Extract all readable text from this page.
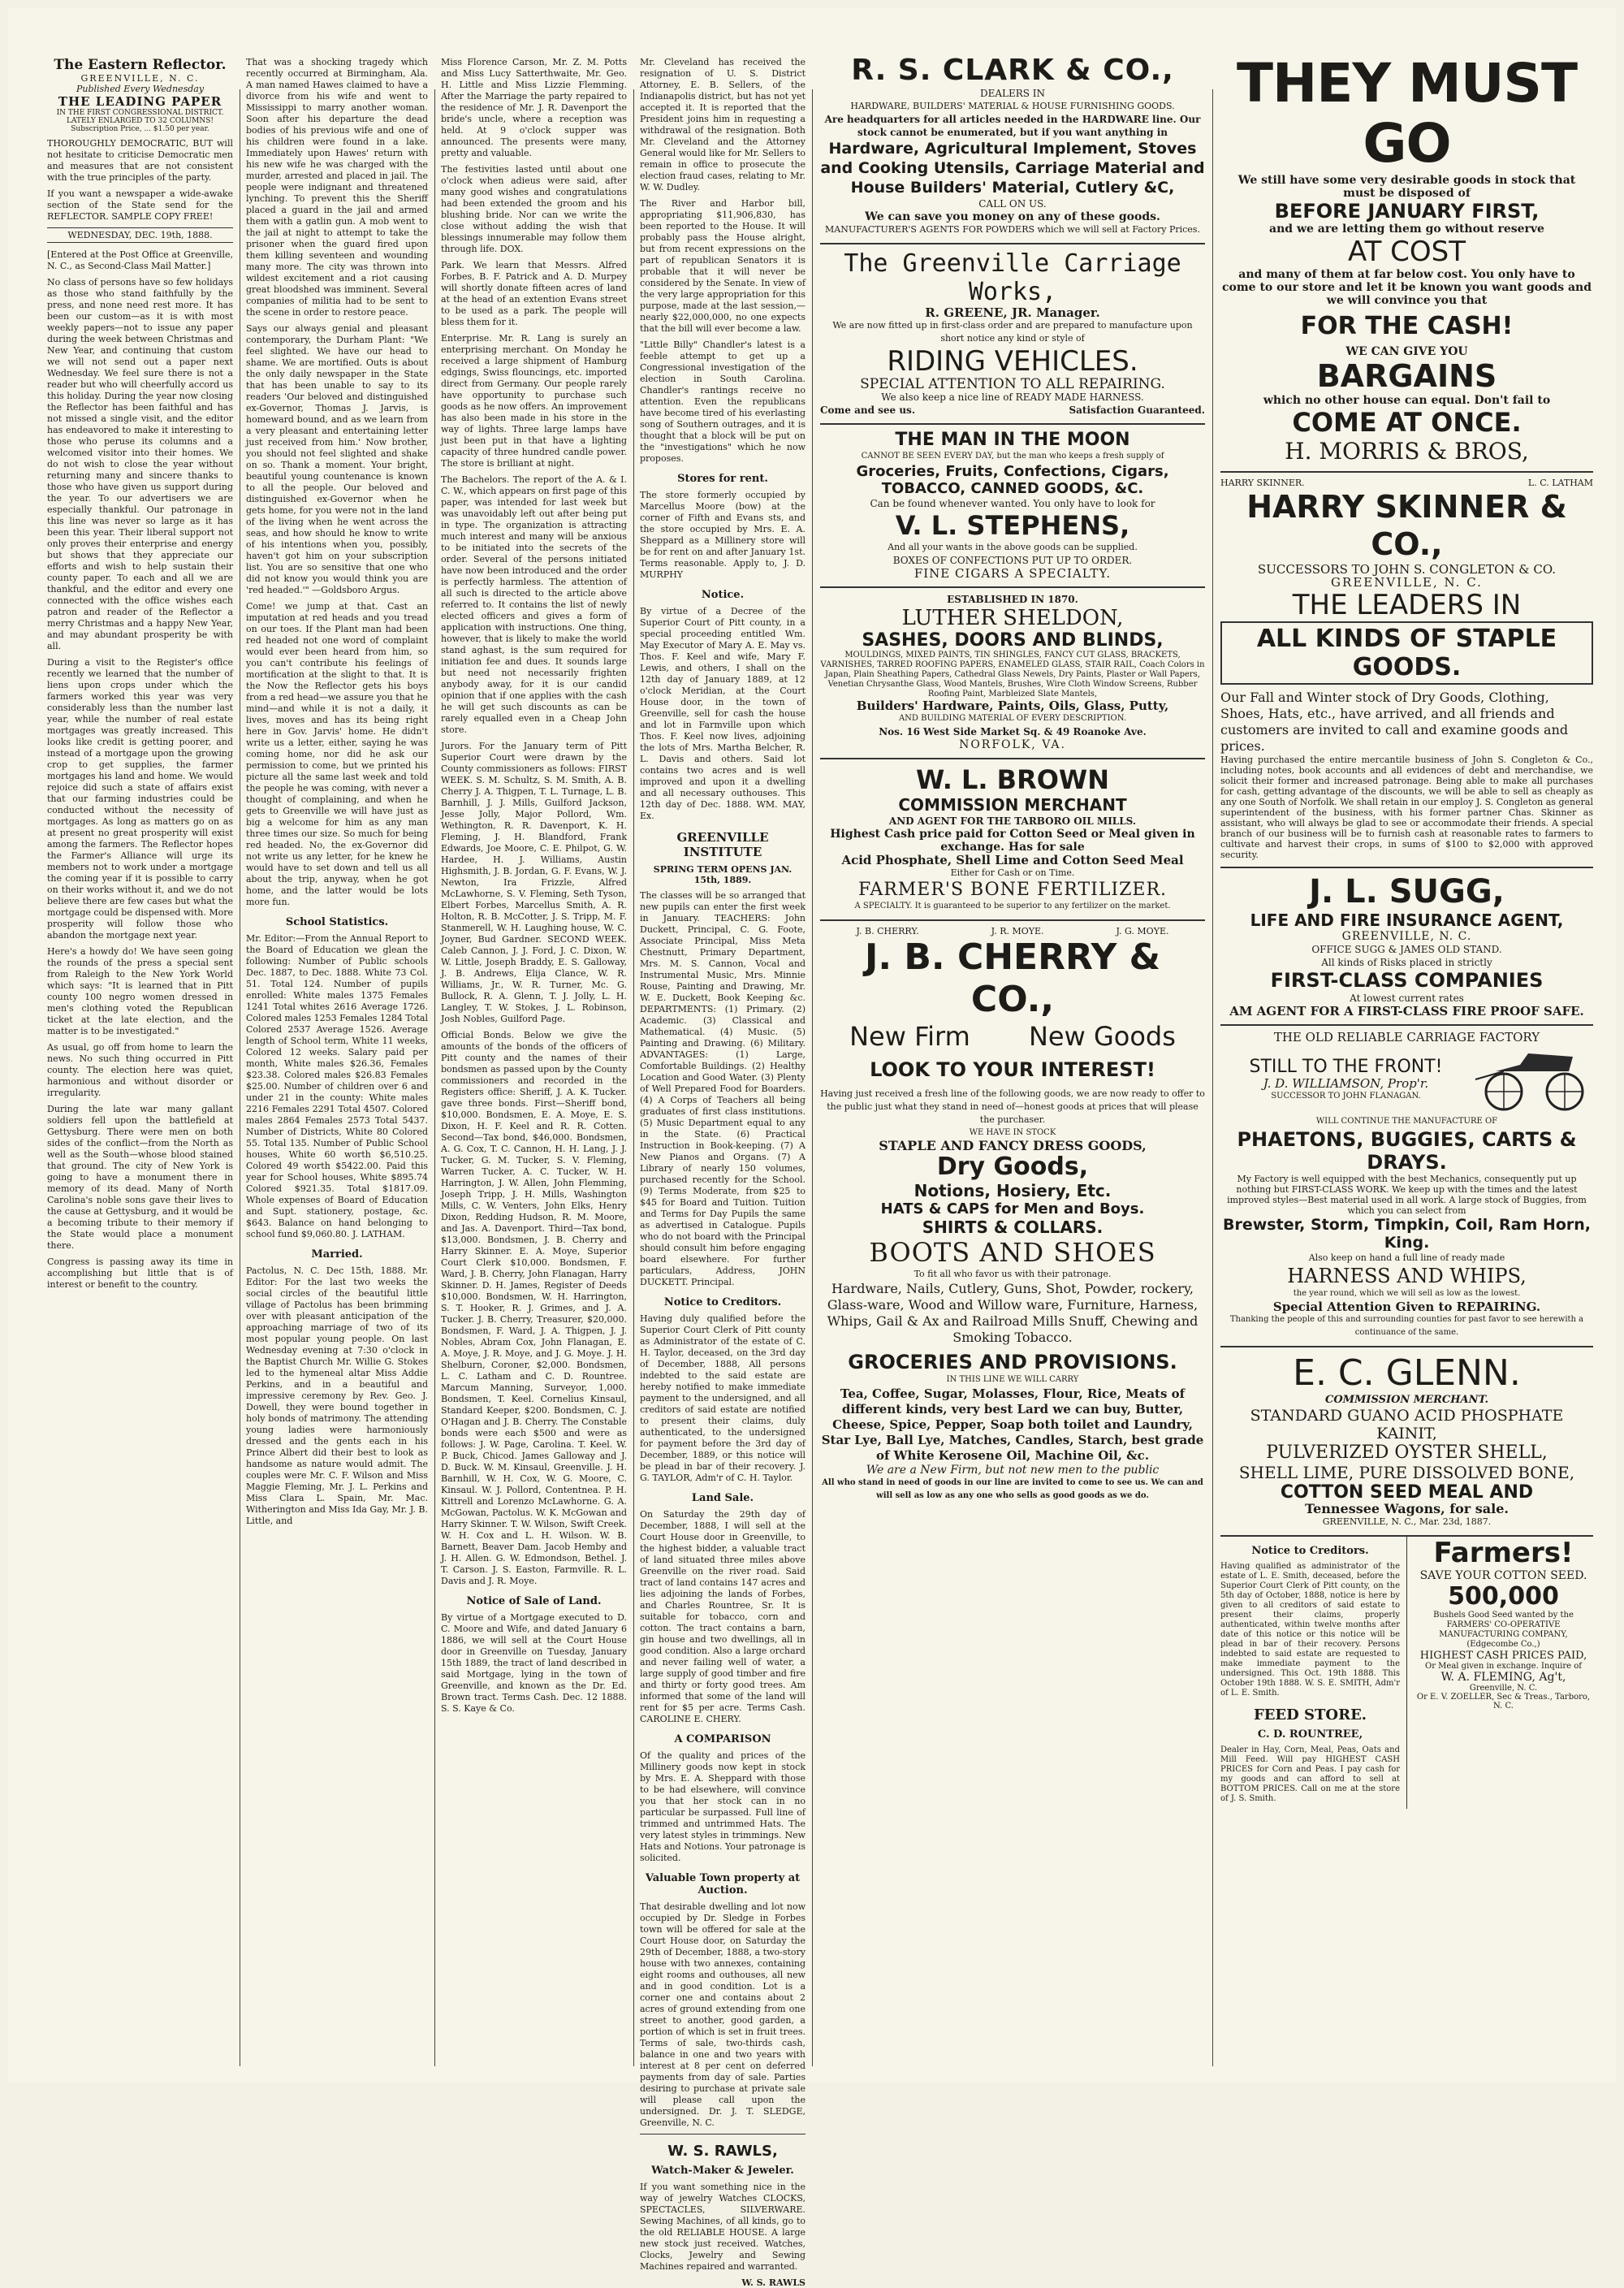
The Eastern Reflector.
GREENVILLE, N. C.
Published Every Wednesday
THE LEADING PAPER
IN THE FIRST CONGRESSIONAL DISTRICT.
LATELY ENLARGED TO 32 COLUMNS!
Subscription Price, ... $1.50 per year.

THOROUGHLY DEMOCRATIC, BUT will not hesitate to criticise Democratic men and measures that are not consistent with the true principles of the party.

If you want a newspaper a wide-awake section of the State send for the REFLECTOR. SAMPLE COPY FREE!

WEDNESDAY, DEC. 19th, 1888.

[Entered at the Post Office at Greenville, N. C., as Second-Class Mail Matter.]

No class of persons have so few holidays as those who stand faithfully by the press, and none need rest more. It has been our custom—as it is with most weekly papers—not to issue any paper during the week between Christmas and New Year, and continuing that custom we will not send out a paper next Wednesday. We feel sure there is not a reader but who will cheerfully accord us this holiday. During the year now closing the Reflector has been faithful and has not missed a single visit, and the editor has endeavored to make it interesting to those who peruse its columns and a welcomed visitor into their homes. We do not wish to close the year without returning many and sincere thanks to those who have given us support during the year. To our advertisers we are especially thankful. Our patronage in this line was never so large as it has been this year. Their liberal support not only proves their enterprise and energy but shows that they appreciate our efforts and wish to help sustain their county paper. To each and all we are thankful, and the editor and every one connected with the office wishes each patron and reader of the Reflector a merry Christmas and a happy New Year, and may abundant prosperity be with all.

During a visit to the Register's office recently we learned that the number of liens upon crops under which the farmers worked this year was very considerably less than the number last year, while the number of real estate mortgages was greatly increased. This looks like credit is getting poorer, and instead of a mortgage upon the growing crop to get supplies, the farmer mortgages his land and home. We would rejoice did such a state of affairs exist that our farming industries could be conducted without the necessity of mortgages. As long as matters go on as at present no great prosperity will exist among the farmers. The Reflector hopes the Farmer's Alliance will urge its members not to work under a mortgage the coming year if it is possible to carry on their works without it, and we do not believe there are few cases but what the mortgage could be dispensed with. More prosperity will follow those who abandon the mortgage next year.

Here's a howdy do! We have seen going the rounds of the press a special sent from Raleigh to the New York World which says: "It is learned that in Pitt county 100 negro women dressed in men's clothing voted the Republican ticket at the late election, and the matter is to be investigated."

As usual, go off from home to learn the news. No such thing occurred in Pitt county. The election here was quiet, harmonious and without disorder or irregularity.

During the late war many gallant soldiers fell upon the battlefield at Gettysburg. There were men on both sides of the conflict—from the North as well as the South—whose blood stained that ground. The city of New York is going to have a monument there in memory of its dead. Many of North Carolina's noble sons gave their lives to the cause at Gettysburg, and it would be a becoming tribute to their memory if the State would place a monument there.

Congress is passing away its time in accomplishing but little that is of interest or benefit to the country.

That was a shocking tragedy which recently occurred at Birmingham, Ala. A man named Hawes claimed to have a divorce from his wife and went to Mississippi to marry another woman. Soon after his departure the dead bodies of his previous wife and one of his children were found in a lake. Immediately upon Hawes' return with his new wife he was charged with the murder, arrested and placed in jail. The people were indignant and threatened lynching. To prevent this the Sheriff placed a guard in the jail and armed them with a gatlin gun. A mob went to the jail at night to attempt to take the prisoner when the guard fired upon them killing seventeen and wounding many more. The city was thrown into wildest excitement and a riot causing great bloodshed was imminent. Several companies of militia had to be sent to the scene in order to restore peace.

Says our always genial and pleasant contemporary, the Durham Plant: "We feel slighted. We have our head to shame. We are mortified. Outs is about the only daily newspaper in the State that has been unable to say to its readers 'Our beloved and distinguished ex-Governor, Thomas J. Jarvis, is homeward bound, and as we learn from a very pleasant and entertaining letter just received from him.' Now brother, you should not feel slighted and shake on so. Thank a moment. Your bright, beautiful young countenance is known to all the people. Our beloved and distinguished ex-Governor when he gets home, for you were not in the land of the living when he went across the seas, and how should he know to write of his intentions when you, possibly, haven't got him on your subscription list. You are so sensitive that one who did not know you would think you are 'red headed.'" —Goldsboro Argus.

Come! we jump at that. Cast an imputation at red heads and you tread on our toes. If the Plant man had been red headed not one word of complaint would ever been heard from him, so you can't contribute his feelings of mortification at the slight to that. It is the Now the Reflector gets his boys from a red head—we assure you that he mind—and while it is not a daily, it lives, moves and has its being right here in Gov. Jarvis' home. He didn't write us a letter, either, saying he was coming home, nor did he ask our permission to come, but we printed his picture all the same last week and told the people he was coming, with never a thought of complaining, and when he gets to Greenville we will have just as big a welcome for him as any man three times our size. So much for being red headed. No, the ex-Governor did not write us any letter, for he knew he would have to set down and tell us all about the trip, anyway, when he got home, and the latter would be lots more fun.

School Statistics.

Mr. Editor:—From the Annual Report to the Board of Education we glean the following: Number of Public schools Dec. 1887, to Dec. 1888. White 73 Col. 51. Total 124. Number of pupils enrolled: White males 1375 Females 1241 Total whites 2616 Average 1726. Colored males 1253 Females 1284 Total Colored 2537 Average 1526. Average length of School term, White 11 weeks, Colored 12 weeks. Salary paid per month, White males $26.36, Females $23.38. Colored males $26.83 Females $25.00. Number of children over 6 and under 21 in the county: White males 2216 Females 2291 Total 4507. Colored males 2864 Females 2573 Total 5437. Number of Districts, White 80 Colored 55. Total 135. Number of Public School houses, White 60 worth $6,510.25. Colored 49 worth $5422.00. Paid this year for School houses, White $895.74 Colored $921.35. Total $1817.09. Whole expenses of Board of Education and Supt. stationery, postage, &c. $643. Balance on hand belonging to school fund $9,060.80. J. LATHAM.

Married.

Pactolus, N. C. Dec 15th, 1888. Mr. Editor: For the last two weeks the social circles of the beautiful little village of Pactolus has been brimming over with pleasant anticipation of the approaching marriage of two of its most popular young people. On last Wednesday evening at 7:30 o'clock in the Baptist Church Mr. Willie G. Stokes led to the hymeneal altar Miss Addie Perkins, and in a beautiful and impressive ceremony by Rev. Geo. J. Dowell, they were bound together in holy bonds of matrimony. The attending young ladies were harmoniously dressed and the gents each in his Prince Albert did their best to look as handsome as nature would admit. The couples were Mr. C. F. Wilson and Miss Maggie Fleming, Mr. J. L. Perkins and Miss Clara L. Spain, Mr. Mac. Witherington and Miss Ida Gay, Mr. J. B. Little, and

Miss Florence Carson, Mr. Z. M. Potts and Miss Lucy Satterthwaite, Mr. Geo. H. Little and Miss Lizzie Flemming. After the Marriage the party repaired to the residence of Mr. J. R. Davenport the bride's uncle, where a reception was held. At 9 o'clock supper was announced. The presents were many, pretty and valuable.

The festivities lasted until about one o'clock when adieus were said, after many good wishes and congratulations had been extended the groom and his blushing bride. Nor can we write the close without adding the wish that blessings innumerable may follow them through life. DOX.

Park. We learn that Messrs. Alfred Forbes, B. F. Patrick and A. D. Murpey will shortly donate fifteen acres of land at the head of an extention Evans street to be used as a park. The people will bless them for it.

Enterprise. Mr. R. Lang is surely an enterprising merchant. On Monday he received a large shipment of Hamburg edgings, Swiss flouncings, etc. imported direct from Germany. Our people rarely have opportunity to purchase such goods as he now offers. An improvement has also been made in his store in the way of lights. Three large lamps have just been put in that have a lighting capacity of three hundred candle power. The store is brilliant at night.

The Bachelors. The report of the A. & I. C. W., which appears on first page of this paper, was intended for last week but was unavoidably left out after being put in type. The organization is attracting much interest and many will be anxious to be initiated into the secrets of the order. Several of the persons initiated have now been introduced and the order is perfectly harmless. The attention of all such is directed to the article above referred to. It contains the list of newly elected officers and gives a form of application with instructions. One thing, however, that is likely to make the world stand aghast, is the sum required for initiation fee and dues. It sounds large but need not necessarily frighten anybody away, for it is our candid opinion that if one applies with the cash he will get such discounts as can be rarely equalled even in a Cheap John store.

Jurors. For the January term of Pitt Superior Court were drawn by the County commissioners as follows: FIRST WEEK. S. M. Schultz, S. M. Smith, A. B. Cherry J. A. Thigpen, T. L. Turnage, L. B. Barnhill, J. J. Mills, Guilford Jackson, Jesse Jolly, Major Pollord, Wm. Wethington, R. R. Davenport, K. H. Fleming, J. H. Blandford, Frank Edwards, Joe Moore, C. E. Philpot, G. W. Hardee, H. J. Williams, Austin Highsmith, J. B. Jordan, G. F. Evans, W. J. Newton, Ira Frizzle, Alfred McLawhorne, S. V. Fleming, Seth Tyson, Elbert Forbes, Marcellus Smith, A. R. Holton, R. B. McCotter, J. S. Tripp, M. F. Stanmerell, W. H. Laughing house, W. C. Joyner, Bud Gardner. SECOND WEEK. Caleb Cannon, J. J. Ford, J. C. Dixon, W. W. Little, Joseph Braddy, E. S. Galloway, J. B. Andrews, Elija Clance, W. R. Williams, Jr., W. R. Turner, Mc. G. Bullock, R. A. Glenn, T. J. Jolly, L. H. Langley, T. W. Stokes, J. L. Robinson, Josh Nobles, Guilford Page.

Official Bonds. Below we give the amounts of the bonds of the officers of Pitt county and the names of their bondsmen as passed upon by the County commissioners and recorded in the Registers office: Sheriff, J. A. K. Tucker. gave three bonds. First—Sheriff bond, $10,000. Bondsmen, E. A. Moye, E. S. Dixon, H. F. Keel and R. R. Cotten. Second—Tax bond, $46,000. Bondsmen, A. G. Cox, T. C. Cannon, H. H. Lang, J. J. Tucker, G. M. Tucker, S. V. Fleming, Warren Tucker, A. C. Tucker, W. H. Harrington, J. W. Allen, John Flemming, Joseph Tripp, J. H. Mills, Washington Mills, C. W. Venters, John Elks, Henry Dixon, Redding Hudson, R. M. Moore, and Jas. A. Davenport. Third—Tax bond, $13,000. Bondsmen, J. B. Cherry and Harry Skinner. E. A. Moye, Superior Court Clerk $10,000. Bondsmen, F. Ward, J. B. Cherry, John Flanagan, Harry Skinner. D. H. James, Register of Deeds $10,000. Bondsmen, W. H. Harrington, S. T. Hooker, R. J. Grimes, and J. A. Tucker. J. B. Cherry, Treasurer, $20,000. Bondsmen, F. Ward, J. A. Thigpen, J. J. Nobles, Abram Cox, John Flanagan, E. A. Moye, J. R. Moye, and J. G. Moye. J. H. Shelburn, Coroner, $2,000. Bondsmen, L. C. Latham and C. D. Rountree. Marcum Manning, Surveyor, 1,000. Bondsmen, T. Keel. Cornelius Kinsaul, Standard Keeper, $200. Bondsmen, C. J. O'Hagan and J. B. Cherry. The Constable bonds were each $500 and were as follows: J. W. Page, Carolina. T. Keel. W. P. Buck, Chicod. James Galloway and J. D. Buck. W. M. Kinsaul, Greenville. J. H. Barnhill, W. H. Cox, W. G. Moore, C. Kinsaul. W. J. Pollord, Contentnea. P. H. Kittrell and Lorenzo McLawhorne. G. A. McGowan, Pactolus. W. K. McGowan and Harry Skinner. T. W. Wilson, Swift Creek. W. H. Cox and L. H. Wilson. W. B. Barnett, Beaver Dam. Jacob Hemby and J. H. Allen. G. W. Edmondson, Bethel. J. T. Carson. J. S. Easton, Farmville. R. L. Davis and J. R. Moye.

Notice of Sale of Land.

By virtue of a Mortgage executed to D. C. Moore and Wife, and dated January 6 1886, we will sell at the Court House door in Greenville on Tuesday, January 15th 1889, the tract of land described in said Mortgage, lying in the town of Greenville, and known as the Dr. Ed. Brown tract. Terms Cash. Dec. 12 1888. S. S. Kaye & Co.

Mr. Cleveland has received the resignation of U. S. District Attorney, E. B. Sellers, of the Indianapolis district, but has not yet accepted it. It is reported that the President joins him in requesting a withdrawal of the resignation. Both Mr. Cleveland and the Attorney General would like for Mr. Sellers to remain in office to prosecute the election fraud cases, relating to Mr. W. W. Dudley.

The River and Harbor bill, appropriating $11,906,830, has been reported to the House. It will probably pass the House alright, but from recent expressions on the part of republican Senators it is probable that it will never be considered by the Senate. In view of the very large appropriation for this purpose, made at the last session,—nearly $22,000,000, no one expects that the bill will ever become a law.

"Little Billy" Chandler's latest is a feeble attempt to get up a Congressional investigation of the election in South Carolina. Chandler's rantings receive no attention. Even the republicans have become tired of his everlasting song of Southern outrages, and it is thought that a block will be put on the "investigations" which he now proposes.

Stores for rent.

The store formerly occupied by Marcellus Moore (bow) at the corner of Fifth and Evans sts, and the store occupied by Mrs. E. A. Sheppard as a Millinery store will be for rent on and after January 1st. Terms reasonable. Apply to, J. D. MURPHY

Notice.

By virtue of a Decree of the Superior Court of Pitt county, in a special proceeding entitled Wm. May Executor of Mary A. E. May vs. Thos. F. Keel and wife, Mary F. Lewis, and others, I shall on the 12th day of January 1889, at 12 o'clock Meridian, at the Court House door, in the town of Greenville, sell for cash the house and lot in Farmville upon which Thos. F. Keel now lives, adjoining the lots of Mrs. Martha Belcher, R. L. Davis and others. Said lot contains two acres and is well improved and upon it a dwelling and all necessary outhouses. This 12th day of Dec. 1888. WM. MAY, Ex.

GREENVILLE INSTITUTE
SPRING TERM OPENS JAN. 15th, 1889.

The classes will be so arranged that new pupils can enter the first week in January. TEACHERS: John Duckett, Principal, C. G. Foote, Associate Principal, Miss Meta Chestnutt, Primary Department, Mrs. M. S. Cannon, Vocal and Instrumental Music, Mrs. Minnie Rouse, Painting and Drawing, Mr. W. E. Duckett, Book Keeping &c. DEPARTMENTS: (1) Primary. (2) Academic. (3) Classical and Mathematical. (4) Music. (5) Painting and Drawing. (6) Military. ADVANTAGES: (1) Large, Comfortable Buildings. (2) Healthy Location and Good Water. (3) Plenty of Well Prepared Food for Boarders. (4) A Corps of Teachers all being graduates of first class institutions. (5) Music Department equal to any in the State. (6) Practical Instruction in Book-keeping. (7) A New Pianos and Organs. (7) A Library of nearly 150 volumes, purchased recently for the School. (9) Terms Moderate, from $25 to $45 for Board and Tuition. Tuition and Terms for Day Pupils the same as advertised in Catalogue. Pupils who do not board with the Principal should consult him before engaging board elsewhere. For further particulars, Address, JOHN DUCKETT. Principal.

Notice to Creditors.

Having duly qualified before the Superior Court Clerk of Pitt county as Administrator of the estate of C. H. Taylor, deceased, on the 3rd day of December, 1888, All persons indebted to the said estate are hereby notified to make immediate payment to the undersigned, and all creditors of said estate are notified to present their claims, duly authenticated, to the undersigned for payment before the 3rd day of December, 1889, or this notice will be plead in bar of their recovery. J. G. TAYLOR, Adm'r of C. H. Taylor.

Land Sale.

On Saturday the 29th day of December, 1888, I will sell at the Court House door in Greenville, to the highest bidder, a valuable tract of land situated three miles above Greenville on the river road. Said tract of land contains 147 acres and lies adjoining the lands of Forbes, and Charles Rountree, Sr. It is suitable for tobacco, corn and cotton. The tract contains a barn, gin house and two dwellings, all in good condition. Also a large orchard and never failing well of water, a large supply of good timber and fire and thirty or forty good trees. Am informed that some of the land will rent for $5 per acre. Terms Cash. CAROLINE E. CHERY.

A COMPARISON

Of the quality and prices of the Millinery goods now kept in stock by Mrs. E. A. Sheppard with those to be had elsewhere, will convince you that her stock can in no particular be surpassed. Full line of trimmed and untrimmed Hats. The very latest styles in trimmings. New Hats and Notions. Your patronage is solicited.

Valuable Town property at Auction.

That desirable dwelling and lot now occupied by Dr. Sledge in Forbes town will be offered for sale at the Court House door, on Saturday the 29th of December, 1888, a two-story house with two annexes, containing eight rooms and outhouses, all new and in good condition. Lot is a corner one and contains about 2 acres of ground extending from one street to another, good garden, a portion of which is set in fruit trees. Terms of sale, two-thirds cash, balance in one and two years with interest at 8 per cent on deferred payments from day of sale. Parties desiring to purchase at private sale will please call upon the undersigned. Dr. J. T. SLEDGE, Greenville, N. C.

W. S. RAWLS,
Watch-Maker & Jeweler.

If you want something nice in the way of jewelry Watches CLOCKS, SPECTACLES, SILVERWARE. Sewing Machines, of all kinds, go to the old RELIABLE HOUSE. A large new stock just received. Watches, Clocks, Jewelry and Sewing Machines repaired and warranted.

W. S. RAWLS
R. S. CLARK & CO.,
DEALERS IN
HARDWARE, BUILDERS' MATERIAL & HOUSE FURNISHING GOODS.
Are headquarters for all articles needed in the HARDWARE line. Our stock cannot be enumerated, but if you want anything in
Hardware, Agricultural Implement, Stoves and Cooking Utensils, Carriage Material and House Builders' Material, Cutlery &C,
CALL ON US.
We can save you money on any of these goods.
MANUFACTURER'S AGENTS FOR POWDERS which we will sell at Factory Prices.
The Greenville Carriage Works,
R. GREENE, JR. Manager.
We are now fitted up in first-class order and are prepared to manufacture upon short notice any kind or style of
RIDING VEHICLES.
SPECIAL ATTENTION TO ALL REPAIRING.
We also keep a nice line of READY MADE HARNESS.
Come and see us.	Satisfaction Guaranteed.
THE MAN IN THE MOON
CANNOT BE SEEN EVERY DAY, but the man who keeps a fresh supply of
Groceries, Fruits, Confections, Cigars, TOBACCO, CANNED GOODS, &C.
Can be found whenever wanted. You only have to look for
V. L. STEPHENS,
And all your wants in the above goods can be supplied.
BOXES OF CONFECTIONS PUT UP TO ORDER.
FINE CIGARS A SPECIALTY.
ESTABLISHED IN 1870.
LUTHER SHELDON,
SASHES, DOORS AND BLINDS,
MOULDINGS, MIXED PAINTS, TIN SHINGLES, FANCY CUT GLASS, BRACKETS, VARNISHES, TARRED ROOFING PAPERS, ENAMELED GLASS, STAIR RAIL, Coach Colors in Japan, Plain Sheathing Papers, Cathedral Glass Newels, Dry Paints, Plaster or Wall Papers, Venetian Chrysanthe Glass, Wood Mantels, Brushes, Wire Cloth Window Screens, Rubber Roofing Paint, Marbleized Slate Mantels,
Builders' Hardware, Paints, Oils, Glass, Putty,
AND BUILDING MATERIAL OF EVERY DESCRIPTION.
Nos. 16 West Side Market Sq. & 49 Roanoke Ave.
NORFOLK, VA.
W. L. BROWN
COMMISSION MERCHANT
AND AGENT FOR THE TARBORO OIL MILLS.
Highest Cash price paid for Cotton Seed or Meal given in exchange. Has for sale
Acid Phosphate, Shell Lime and Cotton Seed Meal
Either for Cash or on Time.
FARMER'S BONE FERTILIZER.
A SPECIALTY. It is guaranteed to be superior to any fertilizer on the market.
J. B. CHERRY.	J. R. MOYE.	J. G. MOYE.
J. B. CHERRY & CO.,
New Firm New Goods
LOOK TO YOUR INTEREST!
Having just received a fresh line of the following goods, we are now ready to offer to the public just what they stand in need of—honest goods at prices that will please the purchaser.
WE HAVE IN STOCK
STAPLE AND FANCY DRESS GOODS,
Dry Goods,
Notions, Hosiery, Etc.
HATS & CAPS for Men and Boys.
SHIRTS & COLLARS.
BOOTS AND SHOES
To fit all who favor us with their patronage.
Hardware, Nails, Cutlery, Guns, Shot, Powder, rockery, Glass-ware, Wood and Willow ware, Furniture, Harness, Whips, Gail & Ax and Railroad Mills Snuff, Chewing and Smoking Tobacco.
GROCERIES AND PROVISIONS.
IN THIS LINE WE WILL CARRY
Tea, Coffee, Sugar, Molasses, Flour, Rice, Meats of different kinds, very best Lard we can buy, Butter, Cheese, Spice, Pepper, Soap both toilet and Laundry, Star Lye, Ball Lye, Matches, Candles, Starch, best grade of White Kerosene Oil, Machine Oil, &c.
We are a New Firm, but not new men to the public
All who stand in need of goods in our line are invited to come to see us. We can and will sell as low as any one who sells as good goods as we do.
THEY MUST GO
We still have some very desirable goods in stock that must be disposed of
BEFORE JANUARY FIRST,
and we are letting them go without reserve
AT COST
and many of them at far below cost. You only have to come to our store and let it be known you want goods and we will convince you that
FOR THE CASH!
WE CAN GIVE YOU
BARGAINS
which no other house can equal. Don't fail to
COME AT ONCE.
H. MORRIS & BROS,
HARRY SKINNER.	L. C. LATHAM
HARRY SKINNER & CO.,
SUCCESSORS TO JOHN S. CONGLETON & CO.
GREENVILLE, N. C.
THE LEADERS IN
ALL KINDS OF STAPLE GOODS.
Our Fall and Winter stock of Dry Goods, Clothing, Shoes, Hats, etc., have arrived, and all friends and customers are invited to call and examine goods and prices.
Having purchased the entire mercantile business of John S. Congleton & Co., including notes, book accounts and all evidences of debt and merchandise, we solicit their former and increased patronage. Being able to make all purchases for cash, getting advantage of the discounts, we will be able to sell as cheaply as any one South of Norfolk. We shall retain in our employ J. S. Congleton as general superintendent of the business, with his former partner Chas. Skinner as assistant, who will always be glad to see or accommodate their friends. A special branch of our business will be to furnish cash at reasonable rates to farmers to cultivate and harvest their crops, in sums of $100 to $2,000 with approved security.
J. L. SUGG,
LIFE AND FIRE INSURANCE AGENT,
GREENVILLE, N. C.
OFFICE SUGG & JAMES OLD STAND.
All kinds of Risks placed in strictly
FIRST-CLASS COMPANIES
At lowest current rates
AM AGENT FOR A FIRST-CLASS FIRE PROOF SAFE.
THE OLD RELIABLE CARRIAGE FACTORY
STILL TO THE FRONT!
J. D. WILLIAMSON, Prop'r.
SUCCESSOR TO JOHN FLANAGAN.
WILL CONTINUE THE MANUFACTURE OF
PHAETONS, BUGGIES, CARTS & DRAYS.
My Factory is well equipped with the best Mechanics, consequently put up nothing but FIRST-CLASS WORK. We keep up with the times and the latest improved styles—Best material used in all work. A large stock of Buggies, from which you can select from
Brewster, Storm, Timpkin, Coil, Ram Horn, King.
Also keep on hand a full line of ready made
HARNESS AND WHIPS,
the year round, which we will sell as low as the lowest.
Special Attention Given to REPAIRING.
Thanking the people of this and surrounding counties for past favor to see herewith a continuance of the same.
E. C. GLENN.
COMMISSION MERCHANT.
STANDARD GUANO ACID PHOSPHATE KAINIT,
PULVERIZED OYSTER SHELL,
SHELL LIME, PURE DISSOLVED BONE,
COTTON SEED MEAL AND
Tennessee Wagons, for sale.
GREENVILLE, N. C., Mar. 23d, 1887.
Notice to Creditors.

Having qualified as administrator of the estate of L. E. Smith, deceased, before the Superior Court Clerk of Pitt county, on the 5th day of October, 1888, notice is here by given to all creditors of said estate to present their claims, properly authenticated, within twelve months after date of this notice or this notice will be plead in bar of their recovery. Persons indebted to said estate are requested to make immediate payment to the undersigned. This Oct. 19th 1888. This October 19th 1888. W. S. E. SMITH, Adm'r of L. E. Smith.

FEED STORE.
C. D. ROUNTREE,

Dealer in Hay, Corn, Meal, Peas, Oats and Mill Feed. Will pay HIGHEST CASH PRICES for Corn and Peas. I pay cash for my goods and can afford to sell at BOTTOM PRICES. Call on me at the store of J. S. Smith.

Farmers!
SAVE YOUR COTTON SEED.
500,000
Bushels Good Seed wanted by the FARMERS' CO-OPERATIVE MANUFACTURING COMPANY, (Edgecombe Co.,)
HIGHEST CASH PRICES PAID,
Or Meal given in exchange. Inquire of
W. A. FLEMING, Ag't,
Greenville, N. C.
Or E. V. ZOELLER, Sec & Treas., Tarboro, N. C.
